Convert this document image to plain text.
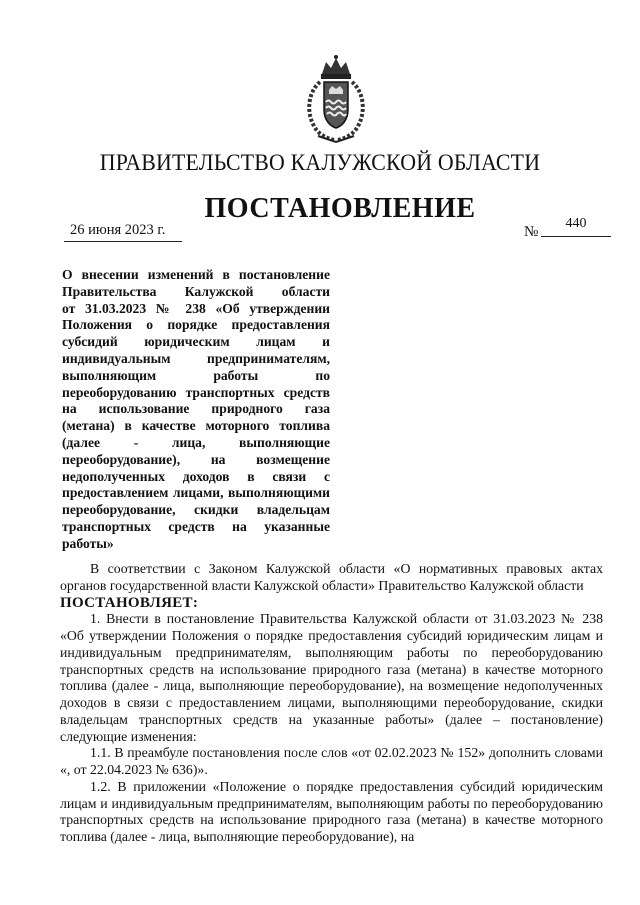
ПРАВИТЕЛЬСТВО КАЛУЖСКОЙ ОБЛАСТИ
ПОСТАНОВЛЕНИЕ
26 июня 2023 г.	№
440
О внесении изменений в постановление
Правительства Калужской области
от 31.03.2023 № 238 «Об утверждении
Положения о порядке предоставления
субсидий юридическим лицам и
индивидуальным предпринимателям,
выполняющим работы по
переоборудованию транспортных средств
на использование природного газа
(метана) в качестве моторного топлива
(далее - лица, выполняющие
переоборудование), на возмещение
недополученных доходов в связи с
предоставлением лицами, выполняющими
переоборудование, скидки владельцам
транспортных средств на указанные
работы»

В соответствии с Законом Калужской области «О нормативных правовых актах органов государственной власти Калужской области» Правительство Калужской области

ПОСТАНОВЛЯЕТ:

1. Внести в постановление Правительства Калужской области от 31.03.2023 № 238 «Об утверждении Положения о порядке предоставления субсидий юридическим лицам и индивидуальным предпринимателям, выполняющим работы по переоборудованию транспортных средств на использование природного газа (метана) в качестве моторного топлива (далее - лица, выполняющие переоборудование), на возмещение недополученных доходов в связи с предоставлением лицами, выполняющими переоборудование, скидки владельцам транспортных средств на указанные работы» (далее – постановление) следующие изменения:

1.1. В преамбуле постановления после слов «от 02.02.2023 № 152» дополнить словами «, от 22.04.2023 № 636)».

1.2. В приложении «Положение о порядке предоставления субсидий юридическим лицам и индивидуальным предпринимателям, выполняющим работы по переоборудованию транспортных средств на использование природного газа (метана) в качестве моторного топлива (далее - лица, выполняющие переоборудование), на
